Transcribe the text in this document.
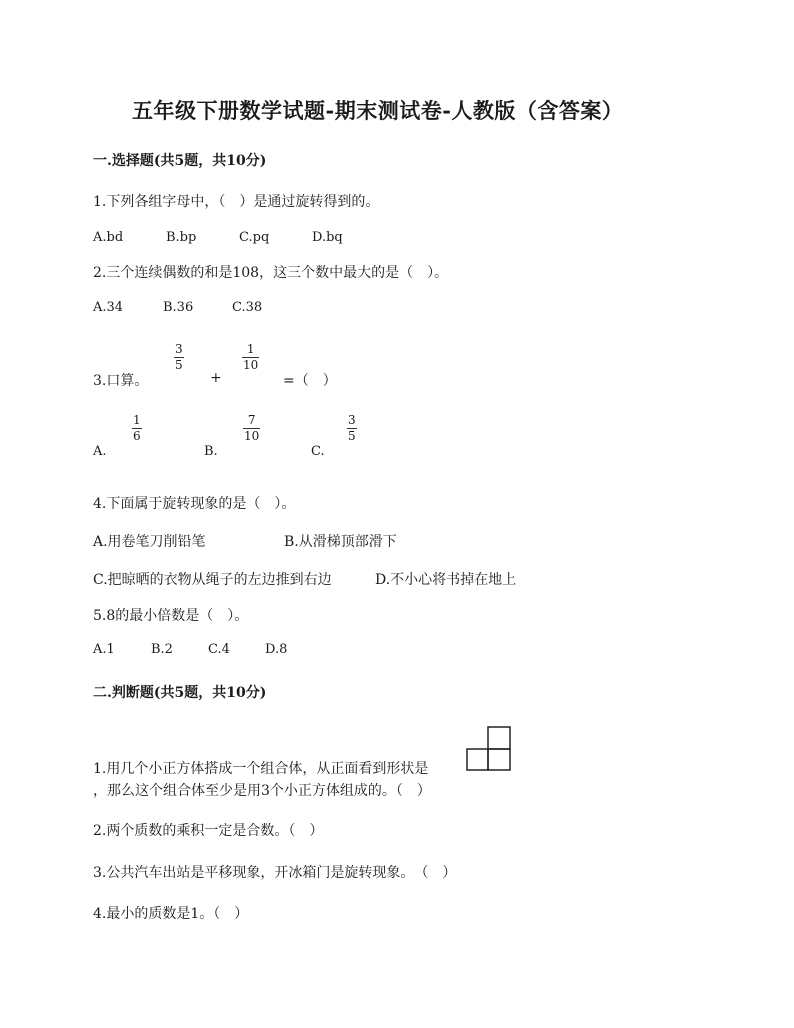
五年级下册数学试题-期末测试卷-人教版（含答案）
一.选择题(共5题，共10分)
1.下列各组字母中，（　）是通过旋转得到的。
A.bd	B.bp	C.pq	D.bq
2.三个连续偶数的和是108，这三个数中最大的是（　）。
A.34	B.36	C.38
3.口算。
3
5
+
1
10
=（　）
A.
1
6
B.
7
10
C.
3
5
4.下面属于旋转现象的是（　）。
A.用卷笔刀削铅笔	B.从滑梯顶部滑下
C.把晾晒的衣物从绳子的左边推到右边	D.不小心将书掉在地上
5.8的最小倍数是（　）。
A.1	B.2	C.4	D.8
二.判断题(共5题，共10分)
1.用几个小正方体搭成一个组合体，从正面看到形状是
，那么这个组合体至少是用3个小正方体组成的。（　）
2.两个质数的乘积一定是合数。（　）
3.公共汽车出站是平移现象，开冰箱门是旋转现象。　（　）
4.最小的质数是1。（　）
